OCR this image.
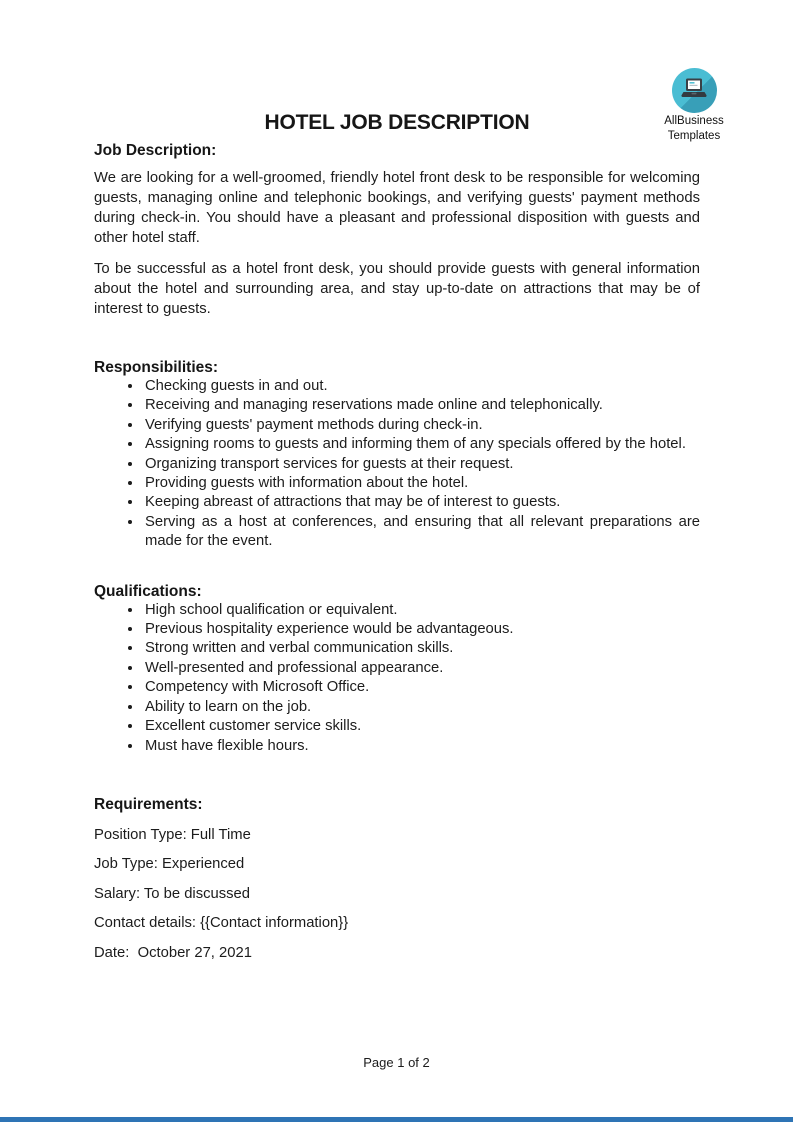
AllBusiness
Templates
HOTEL JOB DESCRIPTION
Job Description:

We are looking for a well-groomed, friendly hotel front desk to be responsible for welcoming guests, managing online and telephonic bookings, and verifying guests' payment methods during check-in. You should have a pleasant and professional disposition with guests and other hotel staff.

To be successful as a hotel front desk, you should provide guests with general information about the hotel and surrounding area, and stay up-to-date on attractions that may be of interest to guests.

Responsibilities:
• Checking guests in and out.
• Receiving and managing reservations made online and telephonically.
• Verifying guests' payment methods during check-in.
• Assigning rooms to guests and informing them of any specials offered by the hotel.
• Organizing transport services for guests at their request.
• Providing guests with information about the hotel.
• Keeping abreast of attractions that may be of interest to guests.
• Serving as a host at conferences, and ensuring that all relevant preparations are made for the event.
Qualifications:
• High school qualification or equivalent.
• Previous hospitality experience would be advantageous.
• Strong written and verbal communication skills.
• Well-presented and professional appearance.
• Competency with Microsoft Office.
• Ability to learn on the job.
• Excellent customer service skills.
• Must have flexible hours.
Requirements:

Position Type: Full Time

Job Type: Experienced

Salary: To be discussed

Contact details: {{Contact information}}

Date:  October 27, 2021

Page 1 of 2
